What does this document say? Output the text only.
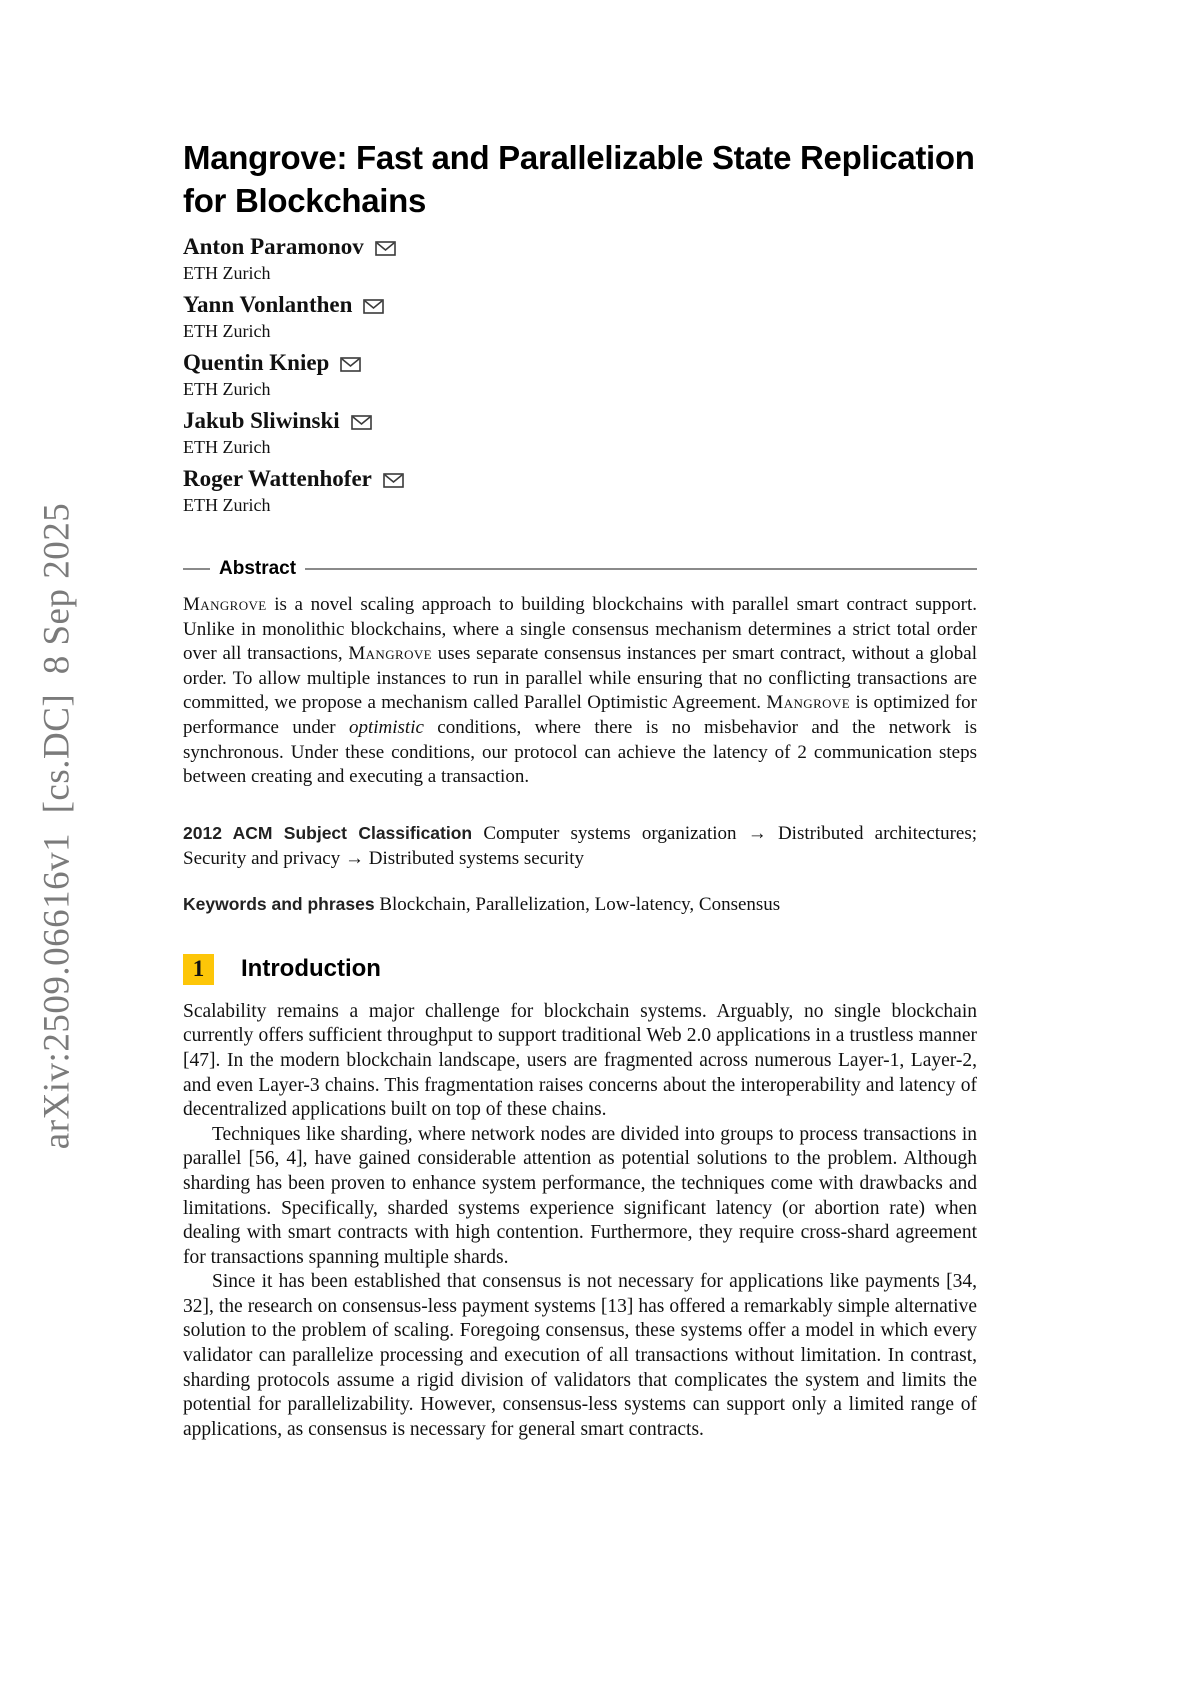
arXiv:2509.06616v1  [cs.DC]  8 Sep 2025
Mangrove: Fast and Parallelizable State Replication for Blockchains
Anton Paramonov
ETH Zurich
Yann Vonlanthen
ETH Zurich
Quentin Kniep
ETH Zurich
Jakub Sliwinski
ETH Zurich
Roger Wattenhofer
ETH Zurich
Abstract

Mangrove is a novel scaling approach to building blockchains with parallel smart contract support. Unlike in monolithic blockchains, where a single consensus mechanism determines a strict total order over all transactions, Mangrove uses separate consensus instances per smart contract, without a global order. To allow multiple instances to run in parallel while ensuring that no conflicting transactions are committed, we propose a mechanism called Parallel Optimistic Agreement. Mangrove is optimized for performance under optimistic conditions, where there is no misbehavior and the network is synchronous. Under these conditions, our protocol can achieve the latency of 2 communication steps between creating and executing a transaction.

2012 ACM Subject Classification Computer systems organization → Distributed architectures; Security and privacy → Distributed systems security

Keywords and phrases Blockchain, Parallelization, Low-latency, Consensus

1	Introduction

Scalability remains a major challenge for blockchain systems. Arguably, no single blockchain currently offers sufficient throughput to support traditional Web 2.0 applications in a trustless manner [47]. In the modern blockchain landscape, users are fragmented across numerous Layer-1, Layer-2, and even Layer-3 chains. This fragmentation raises concerns about the interoperability and latency of decentralized applications built on top of these chains.

Techniques like sharding, where network nodes are divided into groups to process transactions in parallel [56, 4], have gained considerable attention as potential solutions to the problem. Although sharding has been proven to enhance system performance, the techniques come with drawbacks and limitations. Specifically, sharded systems experience significant latency (or abortion rate) when dealing with smart contracts with high contention. Furthermore, they require cross-shard agreement for transactions spanning multiple shards.

Since it has been established that consensus is not necessary for applications like payments [34, 32], the research on consensus-less payment systems [13] has offered a remarkably simple alternative solution to the problem of scaling. Foregoing consensus, these systems offer a model in which every validator can parallelize processing and execution of all transactions without limitation. In contrast, sharding protocols assume a rigid division of validators that complicates the system and limits the potential for parallelizability. However, consensus-less systems can support only a limited range of applications, as consensus is necessary for general smart contracts.
